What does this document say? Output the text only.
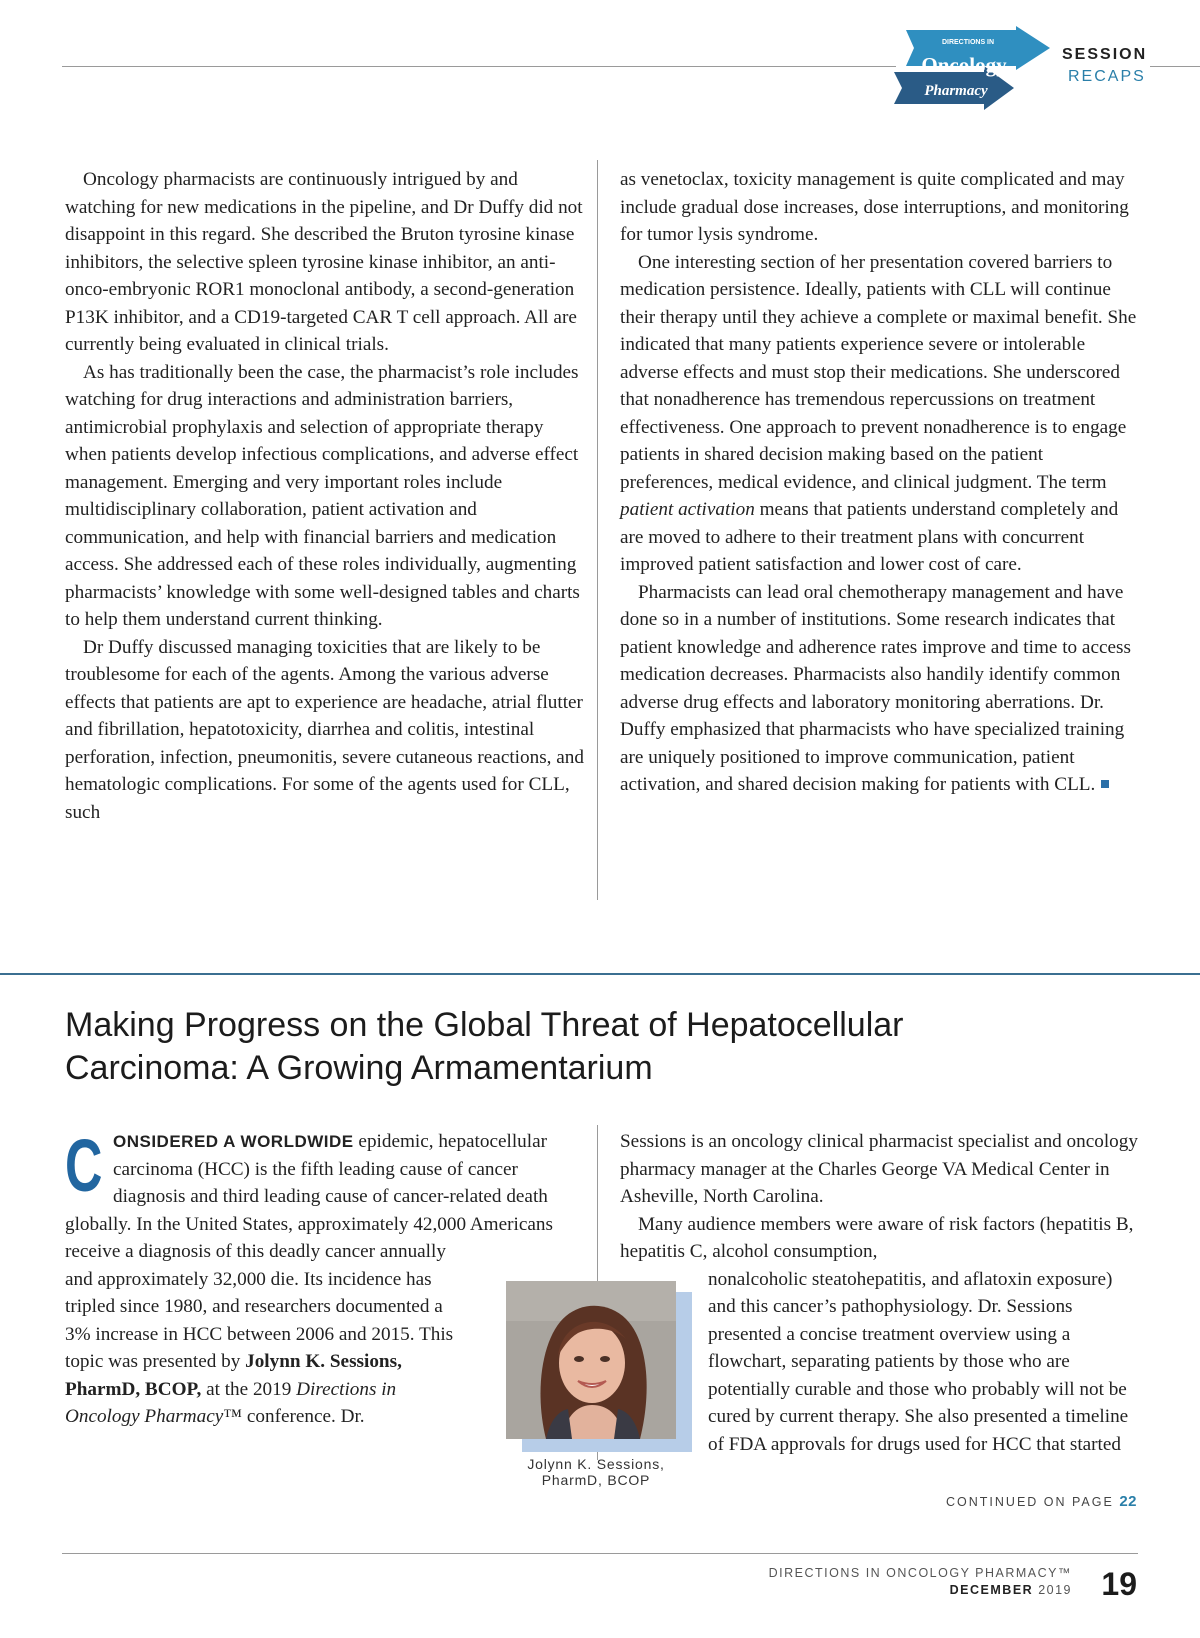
DIRECTIONS IN
Oncology
Pharmacy
SESSION
RECAPS

Oncology pharmacists are continuously intrigued by and watching for new medications in the pipeline, and Dr Duffy did not disappoint in this regard. She described the Bruton tyrosine kinase inhibitors, the selective spleen tyrosine kinase inhibitor, an anti-onco-embryonic ROR1 monoclonal antibody, a second-generation P13K inhibitor, and a CD19-targeted CAR T cell approach. All are currently being evaluated in clinical trials.

As has traditionally been the case, the pharmacist’s role includes watching for drug interactions and administration barriers, antimicrobial prophylaxis and selection of appropriate therapy when patients develop infectious complications, and adverse effect management. Emerging and very important roles include multidisciplinary collaboration, patient activation and communication, and help with financial barriers and medication access. She addressed each of these roles individually, augmenting pharmacists’ knowledge with some well-designed tables and charts to help them understand current thinking.

Dr Duffy discussed managing toxicities that are likely to be troublesome for each of the agents. Among the various adverse effects that patients are apt to experience are headache, atrial flutter and fibrillation, hepatotoxicity, diarrhea and colitis, intestinal perforation, infection, pneumonitis, severe cutaneous reactions, and hematologic complications. For some of the agents used for CLL, such

as venetoclax, toxicity management is quite complicated and may include gradual dose increases, dose interruptions, and monitoring for tumor lysis syndrome.

One interesting section of her presentation covered barriers to medication persistence. Ideally, patients with CLL will continue their therapy until they achieve a complete or maximal benefit. She indicated that many patients experience severe or intolerable adverse effects and must stop their medications. She underscored that nonadherence has tremendous repercussions on treatment effectiveness. One approach to prevent nonadherence is to engage patients in shared decision making based on the patient preferences, medical evidence, and clinical judgment. The term patient activation means that patients understand completely and are moved to adhere to their treatment plans with concurrent improved patient satisfaction and lower cost of care.

Pharmacists can lead oral chemotherapy management and have done so in a number of institutions. Some research indicates that patient knowledge and adherence rates improve and time to access medication decreases. Pharmacists also handily identify common adverse drug effects and laboratory monitoring aberrations. Dr. Duffy emphasized that pharmacists who have specialized training are uniquely positioned to improve communication, patient activation, and shared decision making for patients with CLL.

Making Progress on the Global Threat of Hepatocellular
Carcinoma: A Growing Armamentarium

CONSIDERED A WORLDWIDE epidemic, hepatocellular carcinoma (HCC) is the fifth leading cause of cancer diagnosis and third leading cause of cancer-related death globally. In the United States, approximately 42,000 Americans

receive a diagnosis of this deadly cancer annually and approximately 32,000 die. Its incidence has tripled since 1980, and researchers documented a 3% increase in HCC between 2006 and 2015. This topic was presented by Jolynn K. Sessions, PharmD, BCOP, at the 2019 Directions in Oncology Pharmacy™ conference. Dr.

Sessions is an oncology clinical pharmacist specialist and oncology pharmacy manager at the Charles George VA Medical Center in Asheville, North Carolina.

Many audience members were aware of risk factors (hepatitis B, hepatitis C, alcohol consumption,

nonalcoholic steatohepatitis, and aflatoxin exposure) and this cancer’s pathophysiology. Dr. Sessions presented a concise treatment overview using a flowchart, separating patients by those who are potentially curable and those who probably will not be cured by current therapy. She also presented a timeline of FDA approvals for drugs used for HCC that started

Jolynn K. Sessions,
PharmD, BCOP
CONTINUED ON PAGE 22
DIRECTIONS IN ONCOLOGY PHARMACY™
DECEMBER 2019 19
